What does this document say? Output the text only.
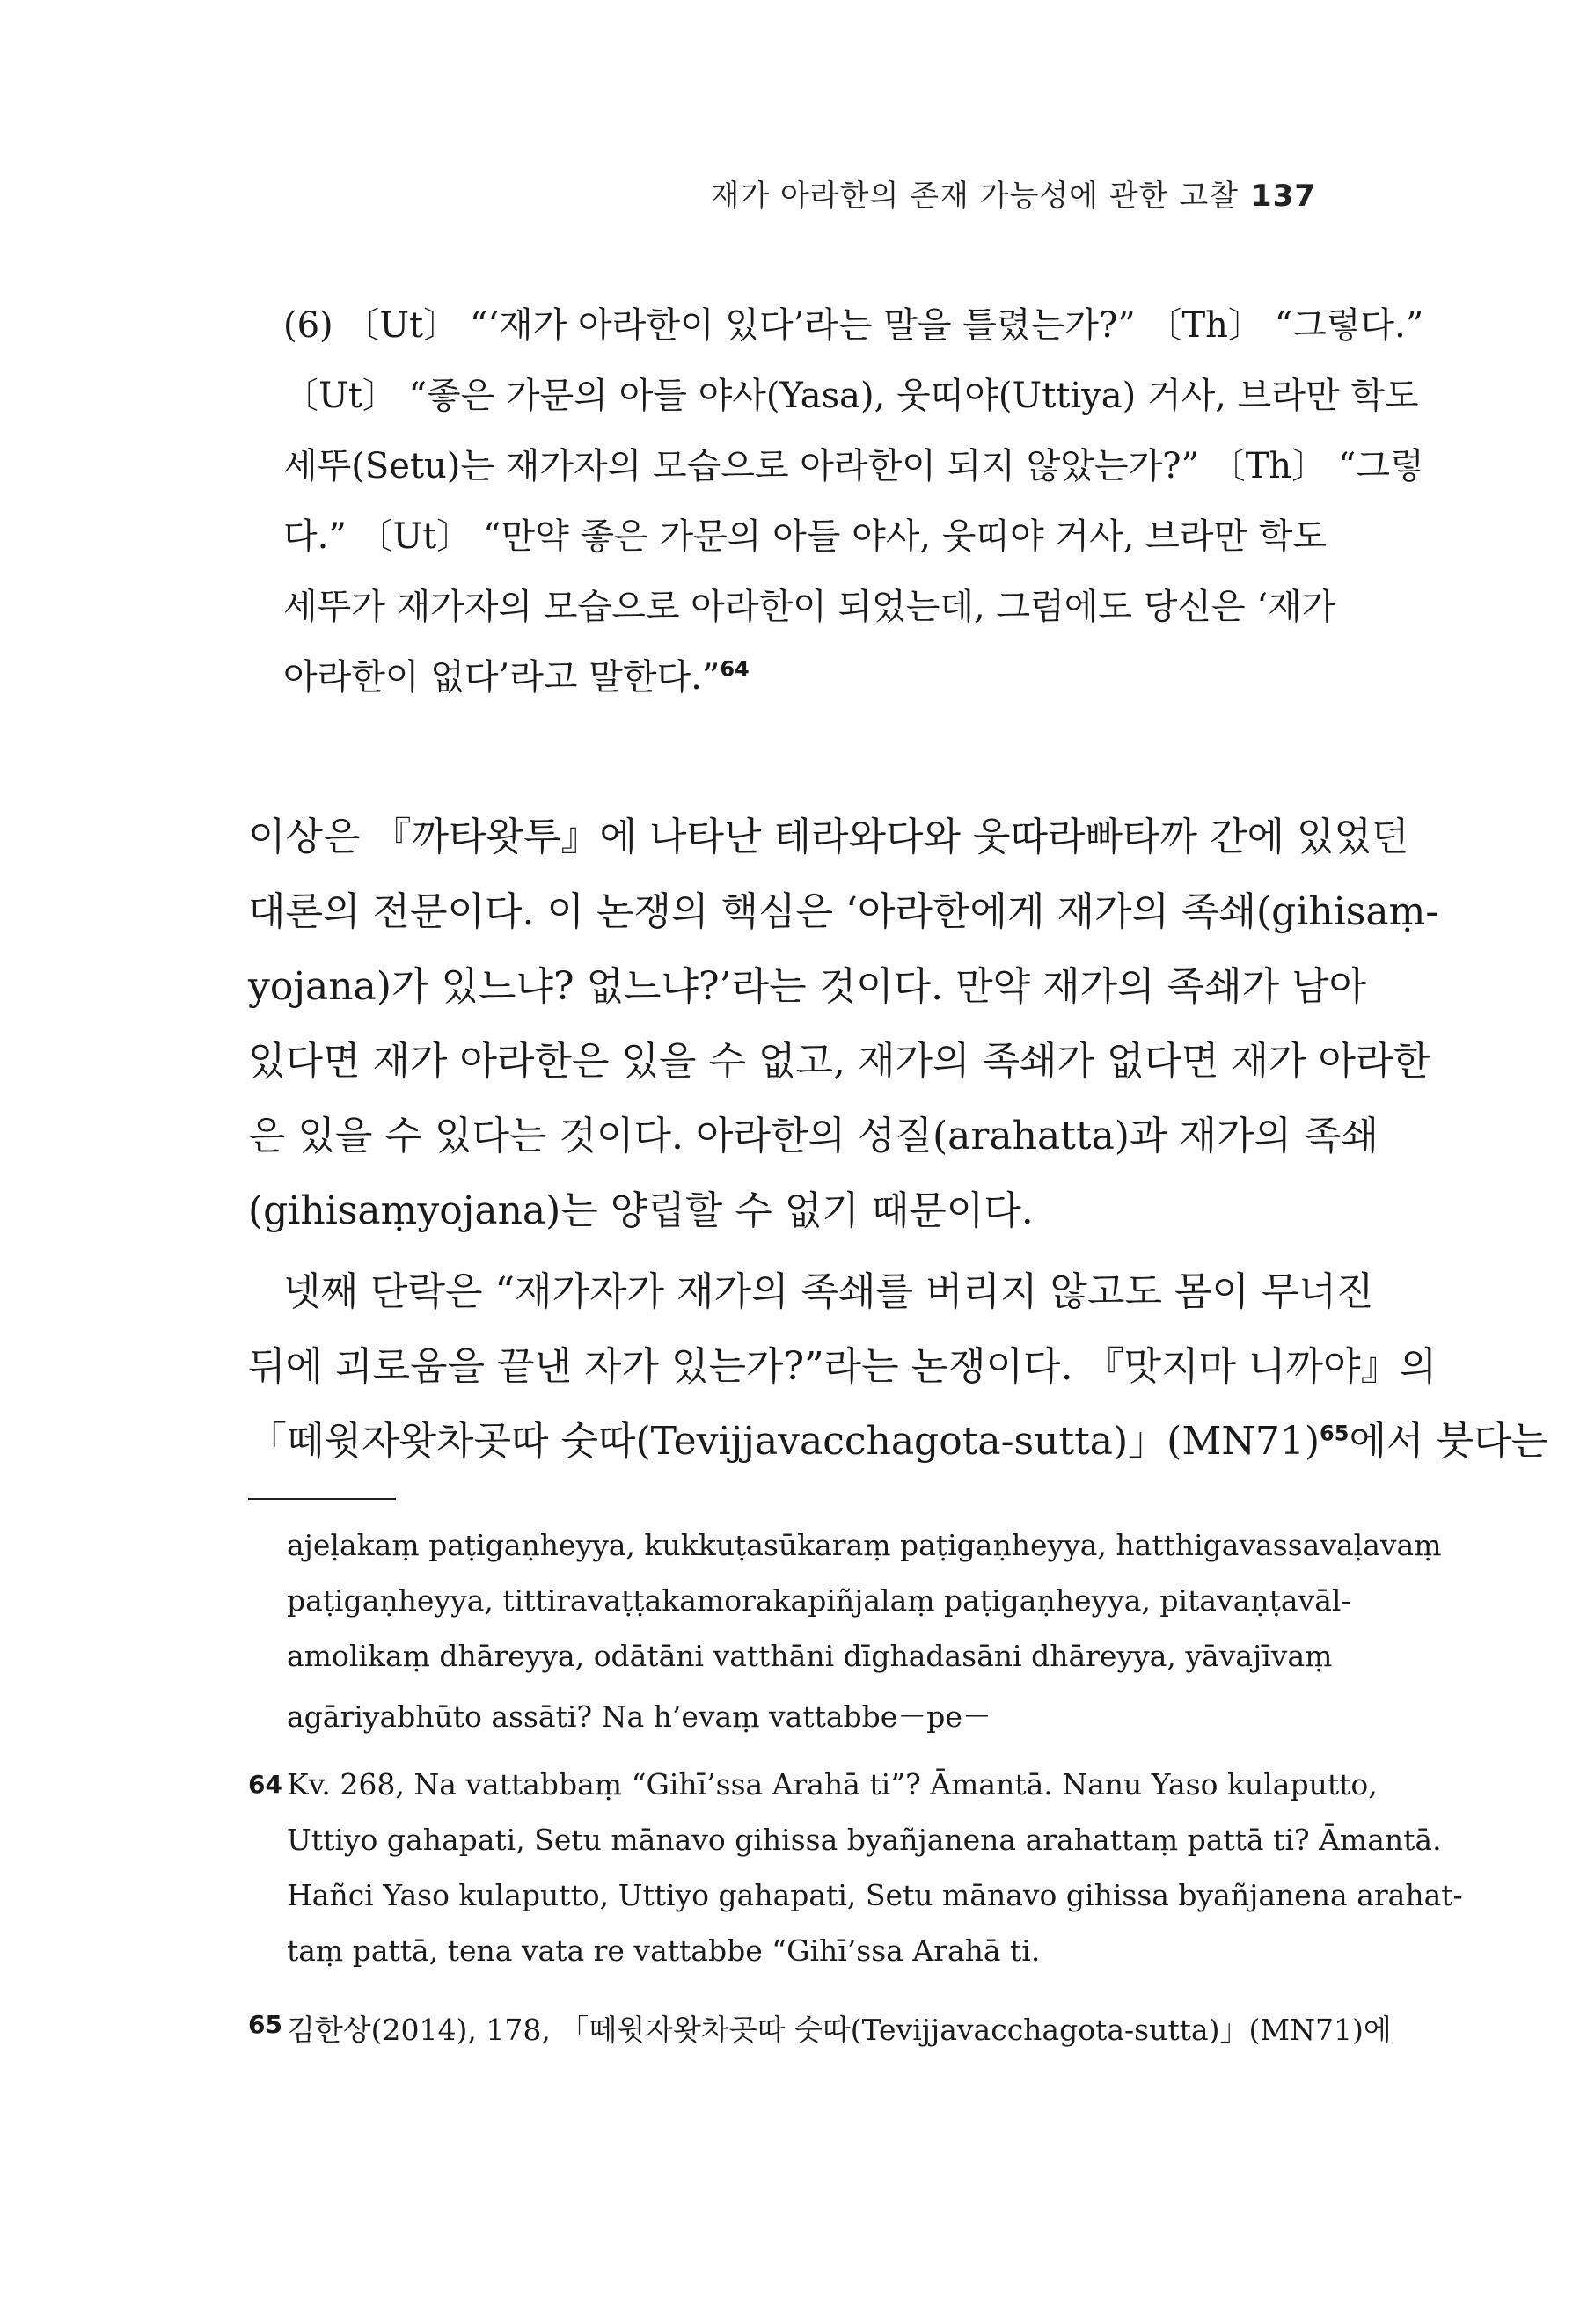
재가 아라한의 존재 가능성에 관한 고찰 137
(6) 〔Ut〕 “‘재가 아라한이 있다’라는 말을 틀렸는가?” 〔Th〕 “그렇다.”
〔Ut〕 “좋은 가문의 아들 야사(Yasa), 웃띠야(Uttiya) 거사, 브라만 학도
세뚜(Setu)는 재가자의 모습으로 아라한이 되지 않았는가?” 〔Th〕 “그렇
다.” 〔Ut〕 “만약 좋은 가문의 아들 야사, 웃띠야 거사, 브라만 학도
세뚜가 재가자의 모습으로 아라한이 되었는데, 그럼에도 당신은 ‘재가
아라한이 없다’라고 말한다.”$^{64}$
이상은 『까타왓투』에 나타난 테라와다와 웃따라빠타까 간에 있었던
대론의 전문이다. 이 논쟁의 핵심은 ‘아라한에게 재가의 족쇄(gihisaṃ-
yojana)가 있느냐? 없느냐?’라는 것이다. 만약 재가의 족쇄가 남아
있다면 재가 아라한은 있을 수 없고, 재가의 족쇄가 없다면 재가 아라한
은 있을 수 있다는 것이다. 아라한의 성질(arahatta)과 재가의 족쇄
(gihisaṃyojana)는 양립할 수 없기 때문이다.
넷째 단락은 “재가자가 재가의 족쇄를 버리지 않고도 몸이 무너진
뒤에 괴로움을 끝낸 자가 있는가?”라는 논쟁이다. 『맛지마 니까야』의
「떼윗자왓차곳따 숫따(Tevijjavacchagota-sutta)」(MN71)$^{65}$에서 붓다는
ajeḷakaṃ paṭigaṇheyya, kukkuṭasūkaraṃ paṭigaṇheyya, hatthigavassavaḷavaṃ
paṭigaṇheyya, tittiravaṭṭakamorakapiñjalaṃ paṭigaṇheyya, pitavaṇṭavāl-
amolikaṃ dhāreyya, odātāni vatthāni dīghadasāni dhāreyya, yāvajīvaṃ
agāriyabhūto assāti? Na h’evaṃ vattabbe－pe－
64 Kv. 268, Na vattabbaṃ “Gihī’ssa Arahā ti”? Āmantā. Nanu Yaso kulaputto,
Uttiyo gahapati, Setu mānavo gihissa byañjanena arahattaṃ pattā ti? Āmantā.
Hañci Yaso kulaputto, Uttiyo gahapati, Setu mānavo gihissa byañjanena arahat-
taṃ pattā, tena vata re vattabbe “Gihī’ssa Arahā ti.
65 김한상(2014), 178, 「떼윗자왓차곳따 숫따(Tevijjavacchagota-sutta)」(MN71)에
